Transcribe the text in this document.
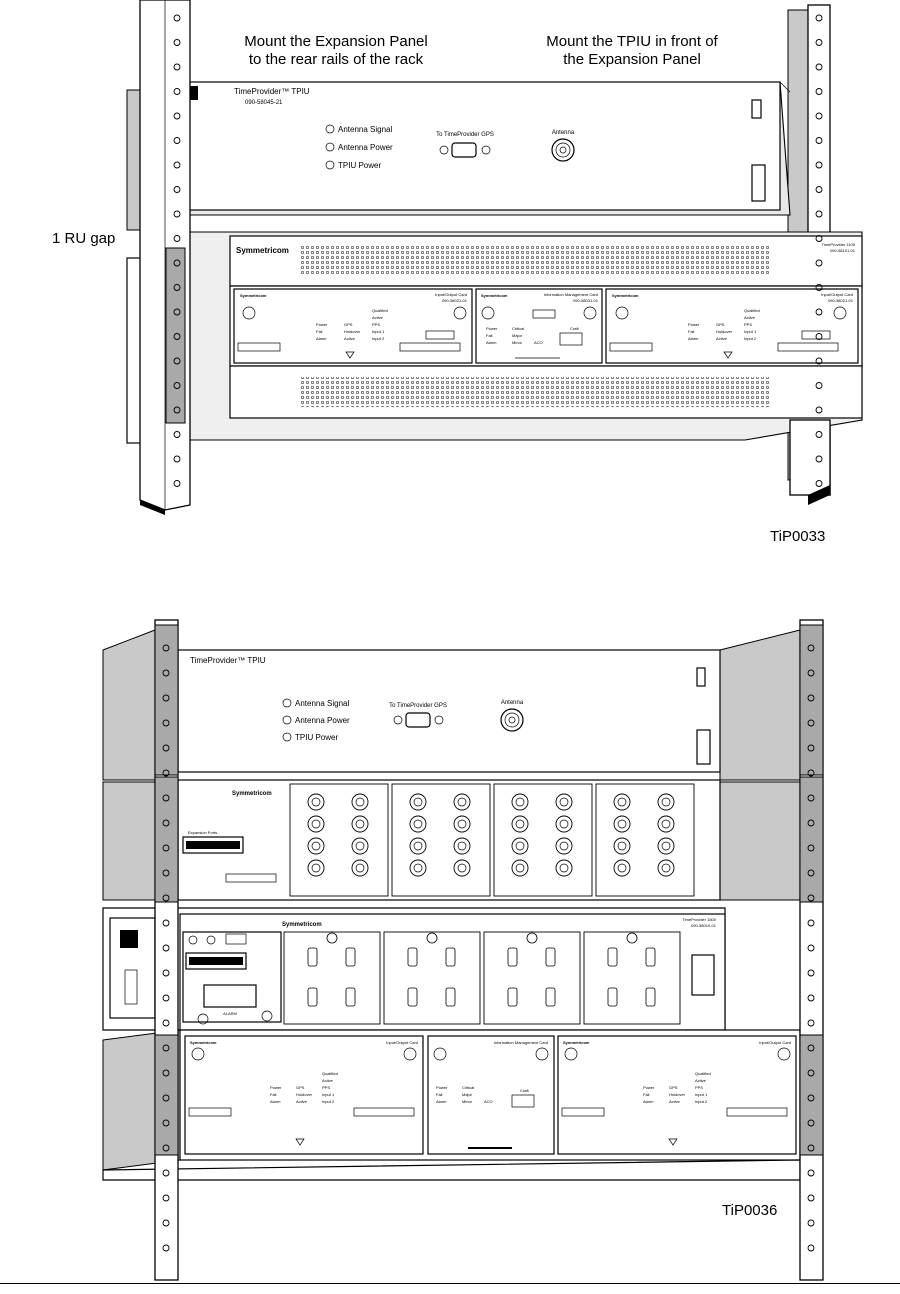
Mount the Expansion Panel
to the rear rails of the rack
Mount the TPIU in front of
the Expansion Panel
1 RU gap
TiP0033
TimeProvider™ TPIU
090-58045-21
Antenna Signal
Antenna Power
TPIU Power
To TimeProvider GPS	Antenna
Symmetricom
TimeProvider 1100
090-58101-01
Symmetricom	Input/Output Card
090-58021-01
Symmetricom	Information Management Card
090-58031-01
Craft
Symmetricom	Input/Output Card
090-58021-01
Power
Fail
Alarm
GPS
Holdover
Active
Qualified
Active
PPS
Input 1
Input 2
Power
Fail
Alarm
Critical
Major
Minor	ACO
Power
Fail
Alarm
GPS
Holdover
Active
Qualified
Active
PPS
Input 1
Input 2
TimeProvider™ TPIU
Antenna Signal
Antenna Power
TPIU Power
To TimeProvider GPS	Antenna
Symmetricom
Expansion Ports
Symmetricom
TimeProvider 1500
090-58010-01
ALARM
Symmetricom	Input/Output Card	Information Management Card
Craft
Symmetricom	Input/Output Card
Power
Fail
Alarm
GPS
Holdover
Active
Qualified
Active
PPS
Input 1
Input 2
Power
Fail
Alarm
Critical
Major
Minor	ACO
Power
Fail
Alarm
GPS
Holdover
Active
Qualified
Active
PPS
Input 1
Input 2
TiP0036
